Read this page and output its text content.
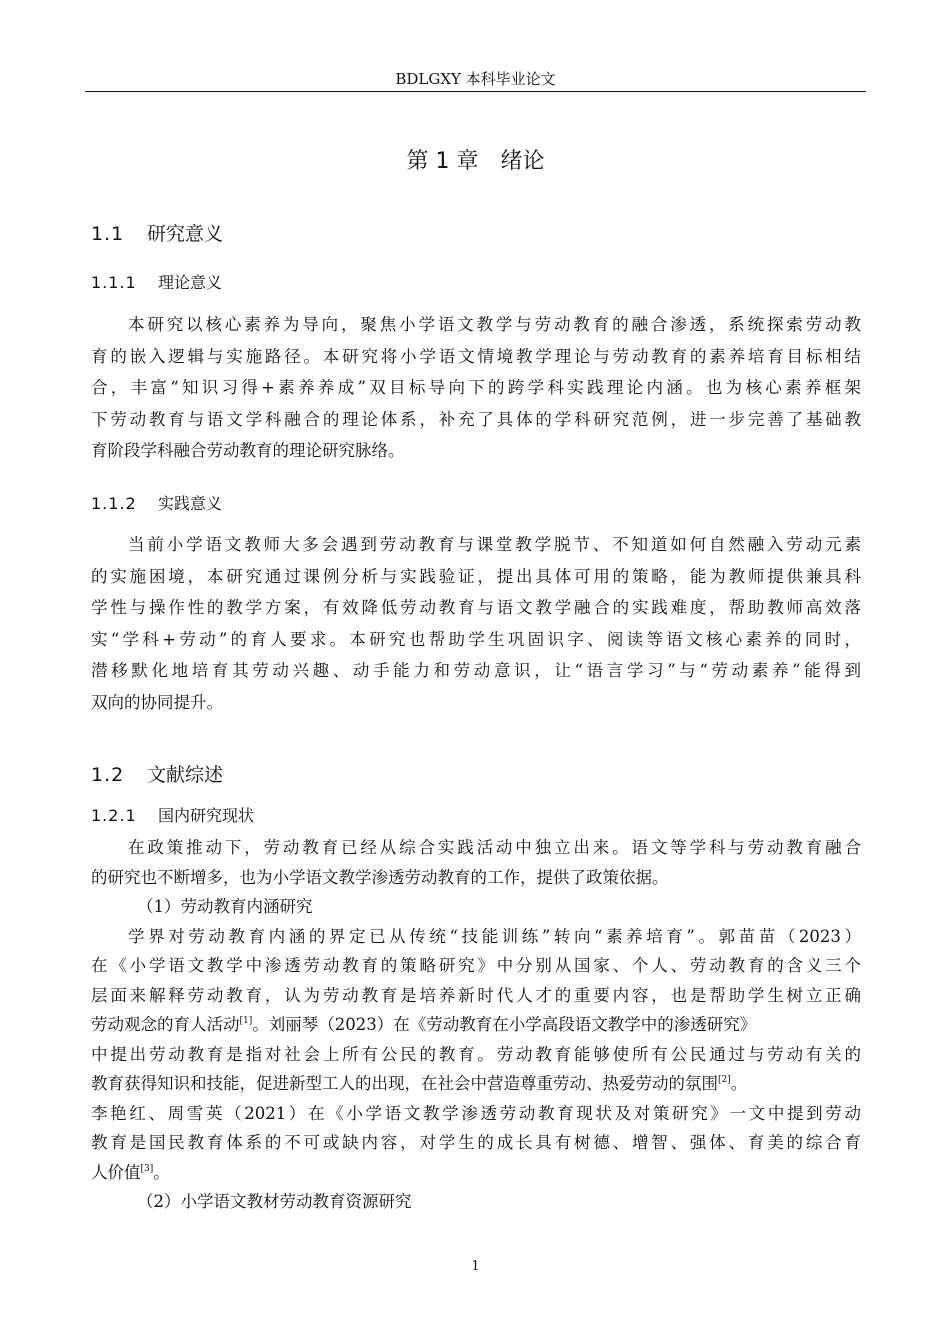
BDLGXY 本科毕业论文
第 1 章　绪论
1.1 研究意义
1.1.1 理论意义
本研究以核心素养为导向，聚焦小学语文教学与劳动教育的融合渗透，系统探索劳动教
育的嵌入逻辑与实施路径。本研究将小学语文情境教学理论与劳动教育的素养培育目标相结
合，丰富“知识习得+素养养成”双目标导向下的跨学科实践理论内涵。也为核心素养框架
下劳动教育与语文学科融合的理论体系，补充了具体的学科研究范例，进一步完善了基础教
育阶段学科融合劳动教育的理论研究脉络。
1.1.2 实践意义
当前小学语文教师大多会遇到劳动教育与课堂教学脱节、不知道如何自然融入劳动元素
的实施困境，本研究通过课例分析与实践验证，提出具体可用的策略，能为教师提供兼具科
学性与操作性的教学方案，有效降低劳动教育与语文教学融合的实践难度，帮助教师高效落
实“学科+劳动”的育人要求。本研究也帮助学生巩固识字、阅读等语文核心素养的同时，
潜移默化地培育其劳动兴趣、动手能力和劳动意识，让“语言学习”与“劳动素养”能得到
双向的协同提升。
1.2 文献综述
1.2.1 国内研究现状
在政策推动下，劳动教育已经从综合实践活动中独立出来。语文等学科与劳动教育融合
的研究也不断增多，也为小学语文教学渗透劳动教育的工作，提供了政策依据。
（1）劳动教育内涵研究
学界对劳动教育内涵的界定已从传统“技能训练”转向“素养培育”。郭苗苗（2023）
在《小学语文教学中渗透劳动教育的策略研究》中分别从国家、个人、劳动教育的含义三个
层面来解释劳动教育，认为劳动教育是培养新时代人才的重要内容，也是帮助学生树立正确
劳动观念的育人活动[1]。刘丽琴（2023）在《劳动教育在小学高段语文教学中的渗透研究》
中提出劳动教育是指对社会上所有公民的教育。劳动教育能够使所有公民通过与劳动有关的
教育获得知识和技能，促进新型工人的出现，在社会中营造尊重劳动、热爱劳动的氛围[2]。
李艳红、周雪英（2021）在《小学语文教学渗透劳动教育现状及对策研究》一文中提到劳动
教育是国民教育体系的不可或缺内容，对学生的成长具有树德、增智、强体、育美的综合育
人价值[3]。
（2）小学语文教材劳动教育资源研究
1
